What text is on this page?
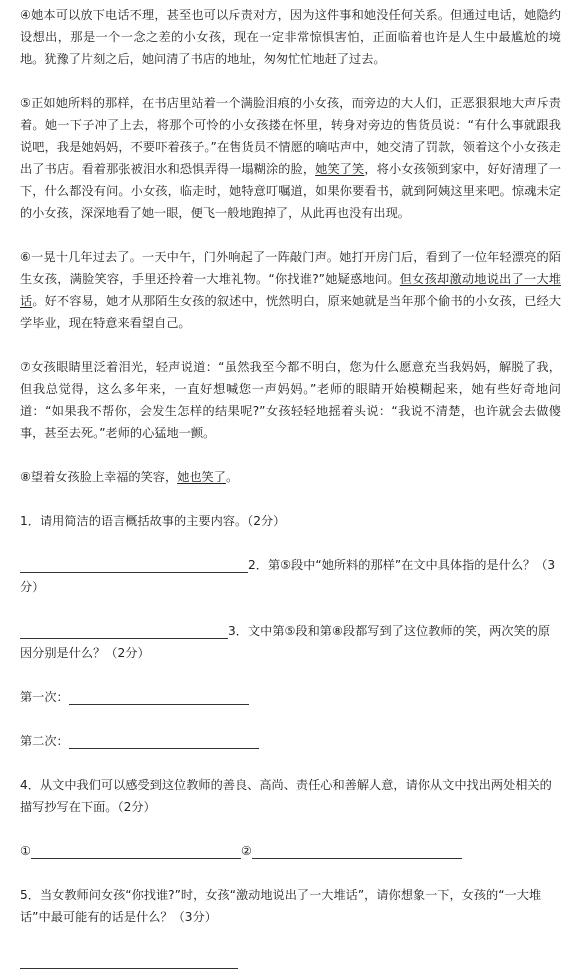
④她本可以放下电话不理，甚至也可以斥责对方，因为这件事和她没任何关系。但通过电话，她隐约设想出，那是一个一念之差的小女孩，现在一定非常惊惧害怕，正面临着也许是人生中最尴尬的境地。犹豫了片刻之后，她问清了书店的地址，匆匆忙忙地赶了过去。

⑤正如她所料的那样，在书店里站着一个满脸泪痕的小女孩，而旁边的大人们，正恶狠狠地大声斥责着。她一下子冲了上去，将那个可怜的小女孩搂在怀里，转身对旁边的售货员说：“有什么事就跟我说吧，我是她妈妈，不要吓着孩子。”在售货员不情愿的嘀咕声中，她交清了罚款，领着这个小女孩走出了书店。看着那张被泪水和恐惧弄得一塌糊涂的脸，她笑了笑，将小女孩领到家中，好好清理了一下，什么都没有问。小女孩，临走时，她特意叮嘱道，如果你要看书，就到阿姨这里来吧。惊魂未定的小女孩，深深地看了她一眼，便飞一般地跑掉了，从此再也没有出现。

⑥一晃十几年过去了。一天中午，门外响起了一阵敲门声。她打开房门后，看到了一位年轻漂亮的陌生女孩，满脸笑容，手里还拎着一大堆礼物。“你找谁?”她疑惑地问。但女孩却激动地说出了一大堆话。好不容易，她才从那陌生女孩的叙述中，恍然明白，原来她就是当年那个偷书的小女孩，已经大学毕业，现在特意来看望自己。

⑦女孩眼睛里泛着泪光，轻声说道：“虽然我至今都不明白，您为什么愿意充当我妈妈，解脱了我，但我总觉得，这么多年来，一直好想喊您一声妈妈。”老师的眼睛开始模糊起来，她有些好奇地问道：“如果我不帮你，会发生怎样的结果呢?”女孩轻轻地摇着头说：“我说不清楚，也许就会去做傻事，甚至去死。”老师的心猛地一颤。

⑧望着女孩脸上幸福的笑容，她也笑了。

1．请用简洁的语言概括故事的主要内容。（2分）

2．第⑤段中“她所料的那样”在文中具体指的是什么？（3分）

3．文中第⑤段和第⑧段都写到了这位教师的笑，两次笑的原因分别是什么？（2分）

第一次：

第二次：

4．从文中我们可以感受到这位教师的善良、高尚、责任心和善解人意，请你从文中找出两处相关的描写抄写在下面。（2分）

①	②

5．当女教师问女孩“你找谁?”时，女孩“激动地说出了一大堆话”，请你想象一下，女孩的“一大堆话”中最可能有的话是什么？（3分）
